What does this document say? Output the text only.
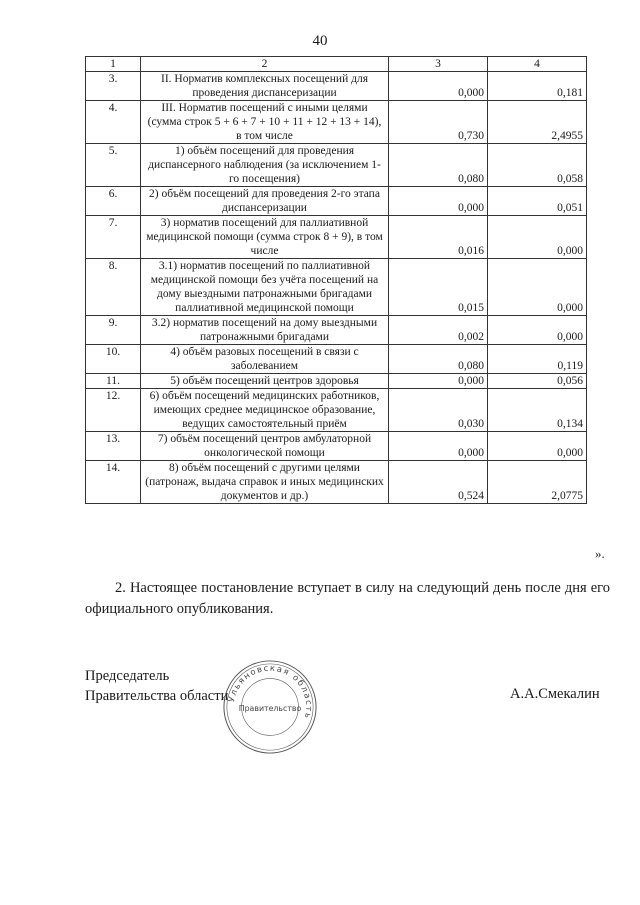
40
1	2	3	4
3.	II. Норматив комплексных посещений для проведения диспансеризации	0,000	0,181
4.	III. Норматив посещений с иными целями (сумма строк 5 + 6 + 7 + 10 + 11 + 12 + 13 + 14), в том числе	0,730	2,4955
5.	1) объём посещений для проведения диспансерного наблюдения (за исключением 1-го посещения)	0,080	0,058
6.	2) объём посещений для проведения 2-го этапа диспансеризации	0,000	0,051
7.	3) норматив посещений для паллиативной медицинской помощи (сумма строк 8 + 9), в том числе	0,016	0,000
8.	3.1) норматив посещений по паллиативной медицинской помощи без учёта посещений на дому выездными патронажными бригадами паллиативной медицинской помощи	0,015	0,000
9.	3.2) норматив посещений на дому выездными патронажными бригадами	0,002	0,000
10.	4) объём разовых посещений в связи с заболеванием	0,080	0,119
11.	5) объём посещений центров здоровья	0,000	0,056
12.	6) объём посещений медицинских работников, имеющих среднее медицинское образование, ведущих самостоятельный приём	0,030	0,134
13.	7) объём посещений центров амбулаторной онкологической помощи	0,000	0,000
14.	8) объём посещений с другими целями (патронаж, выдача справок и иных медицинских документов и др.)	0,524	2,0775
».
2. Настоящее постановление вступает в силу на следующий день после дня его официального опубликования.
Председатель
Правительства области	А.А.Смекалин
Ульяновская область
Правительство
